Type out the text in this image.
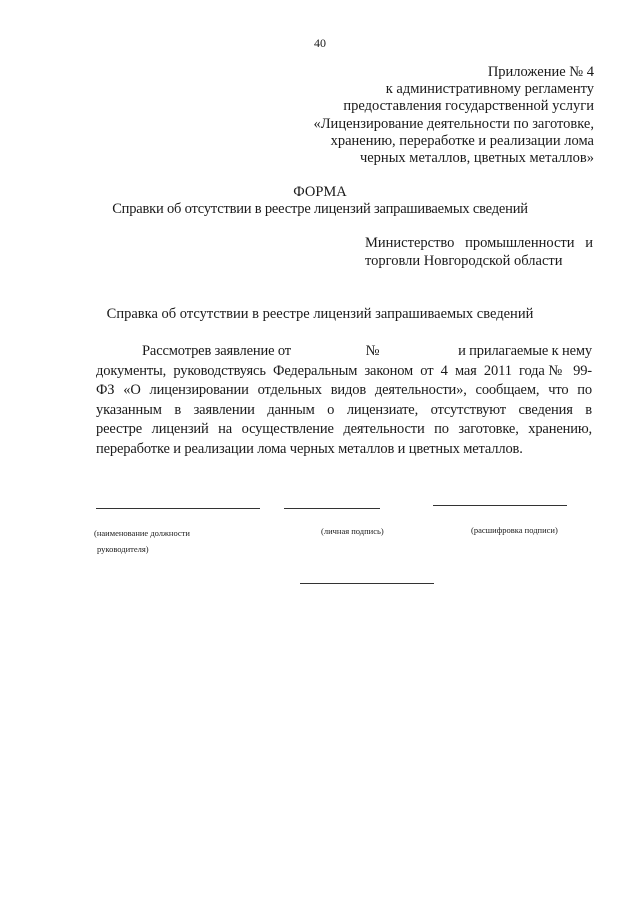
40
Приложение № 4
к административному регламенту
предоставления государственной услуги
«Лицензирование деятельности по заготовке,
хранению, переработке и реализации лома
черных металлов, цветных металлов»
ФОРМА
Справки об отсутствии в реестре лицензий запрашиваемых сведений
Министерство промышленности и
торговли Новгородской области
Справка об отсутствии в реестре лицензий запрашиваемых сведений
Рассмотрев заявление от	№	и прилагаемые к нему
документы, руководствуясь Федеральным законом от 4 мая 2011 года№ 99-
ФЗ «О лицензировании отдельных видов деятельности», сообщаем, что по
указанным в заявлении данным о лицензиате, отсутствуют сведения в
реестре лицензий на осуществление деятельности по заготовке, хранению,
переработке и реализации лома черных металлов и цветных металлов.
(наименование должности
руководителя)
(личная подпись)	(расшифровка подписи)
